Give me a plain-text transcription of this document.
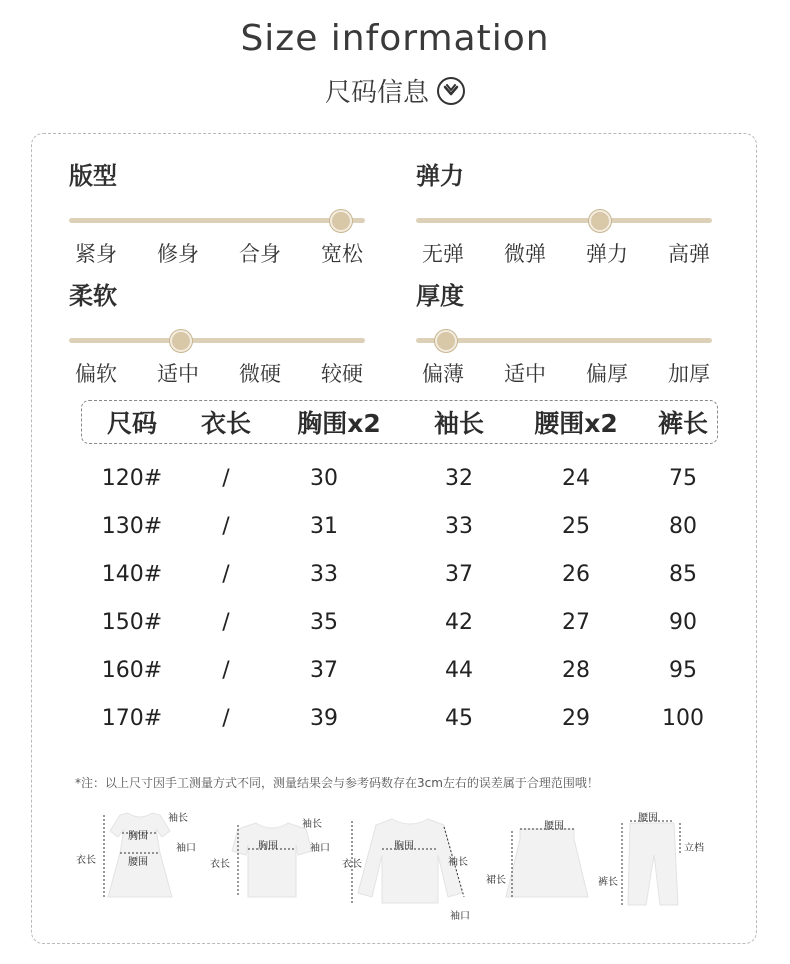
Size information
尺码信息
版型
紧身 修身 合身 宽松
弹力
无弹 微弹 弹力 高弹
柔软
偏软 适中 微硬 较硬
厚度
偏薄 适中 偏厚 加厚
尺码 衣长 胸围x2 袖长 腰围x2 裤长
120#	/	30	32	24	75
130#	/	31	33	25	80
140#	/	33	37	26	85
150#	/	35	42	27	90
160#	/	37	44	28	95
170#	/	39	45	29	100
*注：以上尺寸因手工测量方式不同，测量结果会与参考码数存在3cm左右的误差属于合理范围哦！
袖长
胸围
袖口
衣长	腰围
袖长
胸围	袖口
衣长
胸围
衣长	袖长
袖口
腰围
裙长
腰围
立档
裤长
